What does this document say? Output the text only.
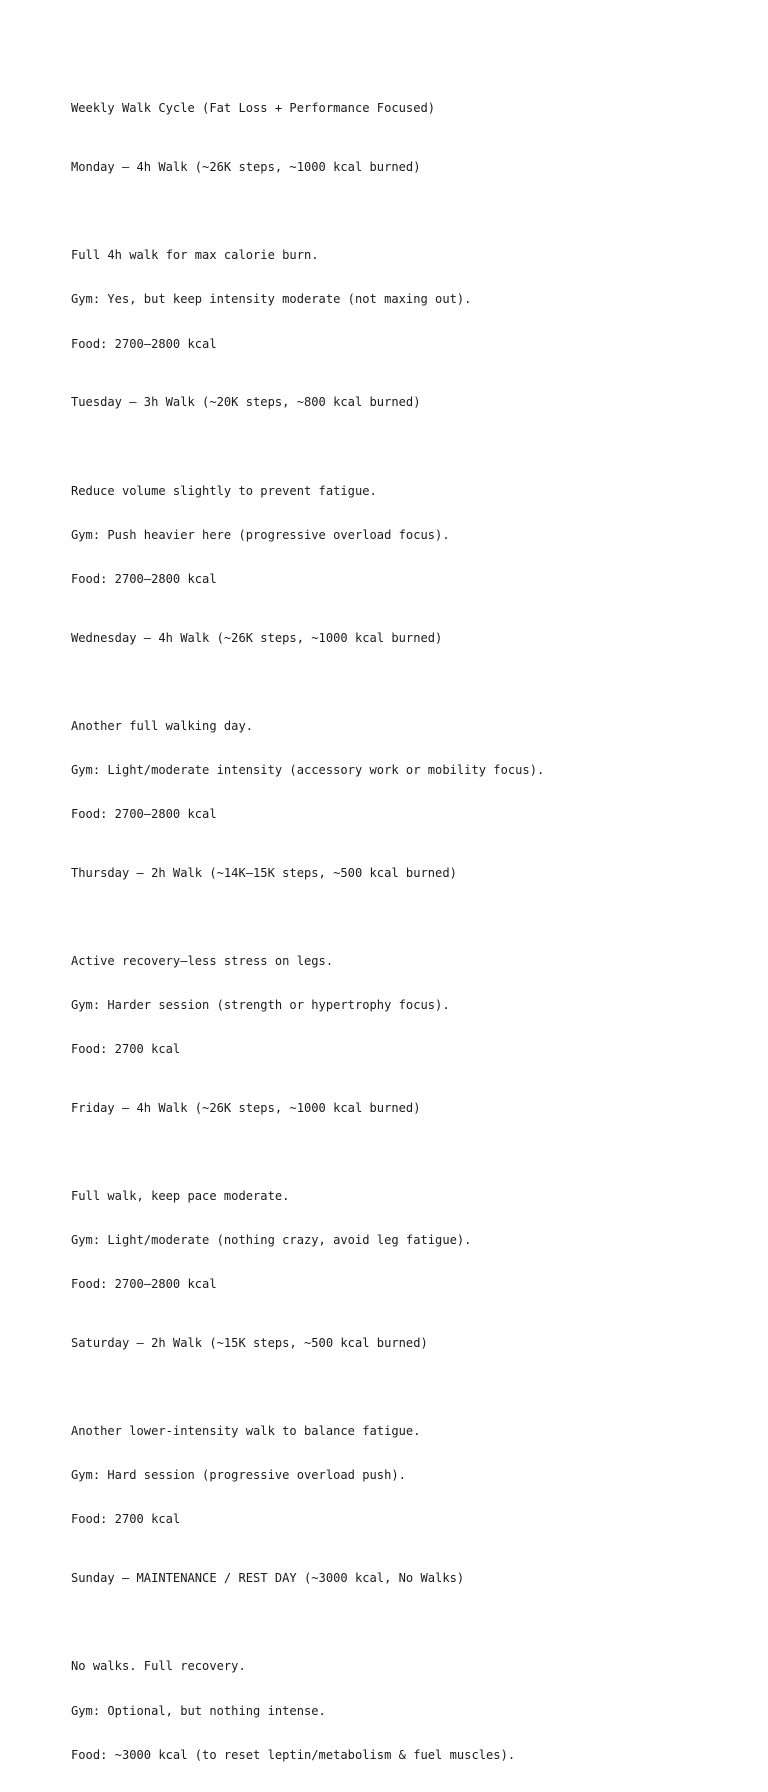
Weekly Walk Cycle (Fat Loss + Performance Focused)

Monday – 4h Walk (~26K steps, ~1000 kcal burned)

Full 4h walk for max calorie burn.

Gym: Yes, but keep intensity moderate (not maxing out).

Food: 2700–2800 kcal

Tuesday – 3h Walk (~20K steps, ~800 kcal burned)

Reduce volume slightly to prevent fatigue.

Gym: Push heavier here (progressive overload focus).

Food: 2700–2800 kcal

Wednesday – 4h Walk (~26K steps, ~1000 kcal burned)

Another full walking day.

Gym: Light/moderate intensity (accessory work or mobility focus).

Food: 2700–2800 kcal

Thursday – 2h Walk (~14K–15K steps, ~500 kcal burned)

Active recovery—less stress on legs.

Gym: Harder session (strength or hypertrophy focus).

Food: 2700 kcal

Friday – 4h Walk (~26K steps, ~1000 kcal burned)

Full walk, keep pace moderate.

Gym: Light/moderate (nothing crazy, avoid leg fatigue).

Food: 2700–2800 kcal

Saturday – 2h Walk (~15K steps, ~500 kcal burned)

Another lower-intensity walk to balance fatigue.

Gym: Hard session (progressive overload push).

Food: 2700 kcal

Sunday – MAINTENANCE / REST DAY (~3000 kcal, No Walks)

No walks. Full recovery.

Gym: Optional, but nothing intense.

Food: ~3000 kcal (to reset leptin/metabolism & fuel muscles).
